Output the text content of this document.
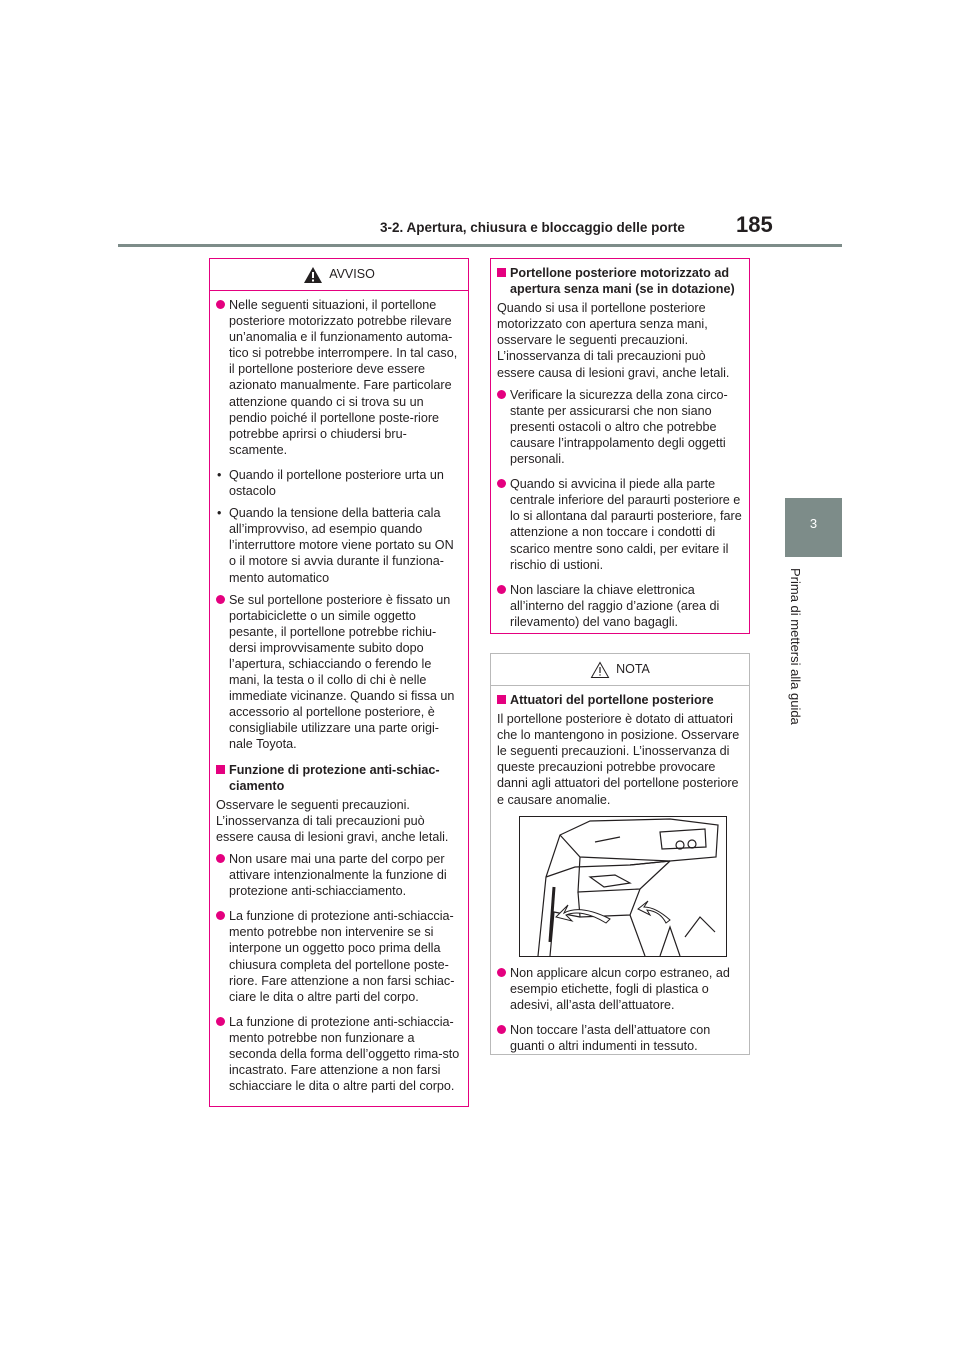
3-2. Apertura, chiusura e bloccaggio delle porte 185
3
Prima di mettersi alla guida
AVVISO

Nelle seguenti situazioni, il portellone posteriore motorizzato potrebbe rilevare un’anomalia e il funzionamento automa-tico si potrebbe interrompere. In tal caso, il portellone posteriore deve essere azionato manualmente. Fare particolare attenzione quando ci si trova su un pendio poiché il portellone poste-riore potrebbe aprirsi o chiudersi bru-scamente.

• Quando il portellone posteriore urta un ostacolo

• Quando la tensione della batteria cala all’improvviso, ad esempio quando l’interruttore motore viene portato su ON o il motore si avvia durante il funziona-mento automatico

Se sul portellone posteriore è fissato un portabiciclette o un simile oggetto pesante, il portellone potrebbe richiu-dersi improvvisamente subito dopo l’apertura, schiacciando o ferendo le mani, la testa o il collo di chi è nelle immediate vicinanze. Quando si fissa un accessorio al portellone posteriore, è consigliabile utilizzare una parte origi-nale Toyota.

Funzione di protezione anti-schiac-ciamento

Osservare le seguenti precauzioni. L’inosservanza di tali precauzioni può essere causa di lesioni gravi, anche letali.

Non usare mai una parte del corpo per attivare intenzionalmente la funzione di protezione anti-schiacciamento.

La funzione di protezione anti-schiaccia-mento potrebbe non intervenire se si interpone un oggetto poco prima della chiusura completa del portellone poste-riore. Fare attenzione a non farsi schiac-ciare le dita o altre parti del corpo.

La funzione di protezione anti-schiaccia-mento potrebbe non funzionare a seconda della forma dell’oggetto rima-sto incastrato. Fare attenzione a non farsi schiacciare le dita o altre parti del corpo.

Portellone posteriore motorizzato ad apertura senza mani (se in dotazione)

Quando si usa il portellone posteriore motorizzato con apertura senza mani, osservare le seguenti precauzioni. L’inosservanza di tali precauzioni può essere causa di lesioni gravi, anche letali.

Verificare la sicurezza della zona circo-stante per assicurarsi che non siano presenti ostacoli o altro che potrebbe causare l’intrappolamento degli oggetti personali.

Quando si avvicina il piede alla parte centrale inferiore del paraurti posteriore e lo si allontana dal paraurti posteriore, fare attenzione a non toccare i condotti di scarico mentre sono caldi, per evitare il rischio di ustioni.

Non lasciare la chiave elettronica all’interno del raggio d’azione (area di rilevamento) del vano bagagli.

NOTA

Attuatori del portellone posteriore

Il portellone posteriore è dotato di attuatori che lo mantengono in posizione. Osservare le seguenti precauzioni. L’inosservanza di queste precauzioni potrebbe provocare danni agli attuatori del portellone posteriore e causare anomalie.

Non applicare alcun corpo estraneo, ad esempio etichette, fogli di plastica o adesivi, all’asta dell’attuatore.

Non toccare l’asta dell’attuatore con guanti o altri indumenti in tessuto.
